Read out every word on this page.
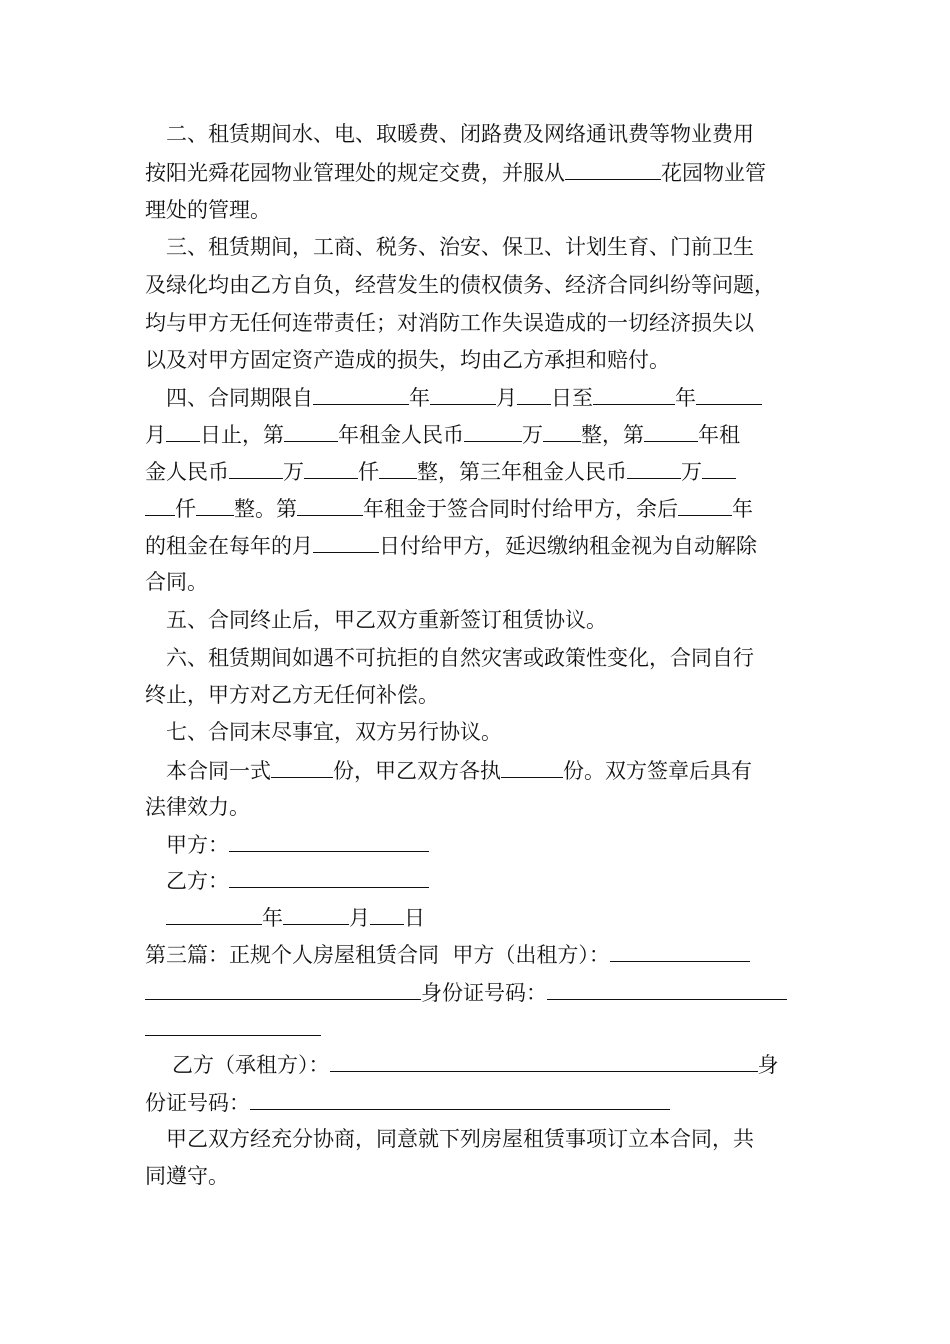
二、租赁期间水、电、取暖费、闭路费及网络通讯费等物业费用
按阳光舜花园物业管理处的规定交费，并服从	花园物业管
理处的管理。
三、租赁期间，工商、税务、治安、保卫、计划生育、门前卫生
及绿化均由乙方自负，经营发生的债权债务、经济合同纠纷等问题，
均与甲方无任何连带责任；对消防工作失误造成的一切经济损失以
以及对甲方固定资产造成的损失，均由乙方承担和赔付。
四、合同期限自	年	月 日至	年
月 日止，第	年租金人民币	万 整，第	年租
金人民币	万	仟 整，第三年租金人民币	万
仟 整。第	年租金于签合同时付给甲方，余后	年
的租金在每年的月	日付给甲方，延迟缴纳租金视为自动解除
合同。
五、合同终止后，甲乙双方重新签订租赁协议。
六、租赁期间如遇不可抗拒的自然灾害或政策性变化，合同自行
终止，甲方对乙方无任何补偿。
七、合同末尽事宜，双方另行协议。
本合同一式	份，甲乙双方各执	份。双方签章后具有
法律效力。
甲方：
乙方：
年	月 日
第三篇：正规个人房屋租赁合同 甲方（出租方）：
身份证号码：
乙方（承租方）：	身
份证号码：
甲乙双方经充分协商，同意就下列房屋租赁事项订立本合同，共
同遵守。
